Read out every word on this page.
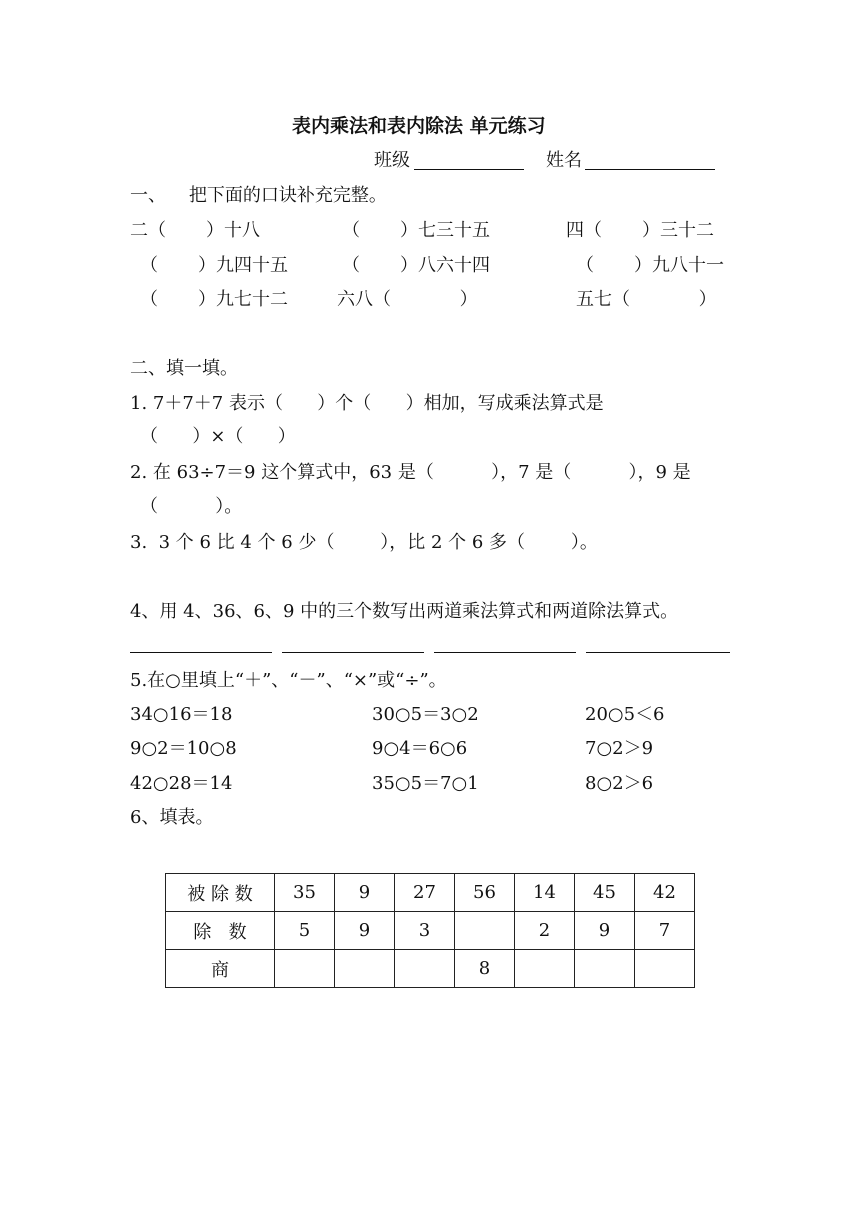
表内乘法和表内除法 单元练习
班级	姓名
一、    把下面的口诀补充完整。
二（       ）十八	（       ）七三十五	四（       ）三十二
（       ）九四十五	（       ）八六十四	（       ）九八十一
（       ）九七十二	六八（            ）	五七（            ）
二、填一填。
1. 7＋7＋7 表示（      ）个（      ）相加，写成乘法算式是
（      ）×（      ）
2. 在 63÷7＝9 这个算式中，63 是（          ），7 是（          ），9 是
（          ）。
3.  3 个 6 比 4 个 6 少（        ），比 2 个 6 多（        ）。
4、用 4、36、6、9 中的三个数写出两道乘法算式和两道除法算式。
5.在○里填上“＋”、“－”、“×”或“÷”。
34○16＝18	30○5＝3○2	20○5＜6
9○2＝10○8	9○4＝6○6	7○2＞9
42○28＝14	35○5＝7○1	8○2＞6
6、填表。
被 除 数	35	9	27	56	14	45	42
除   数	5	9	3		2	9	7
商				8			
